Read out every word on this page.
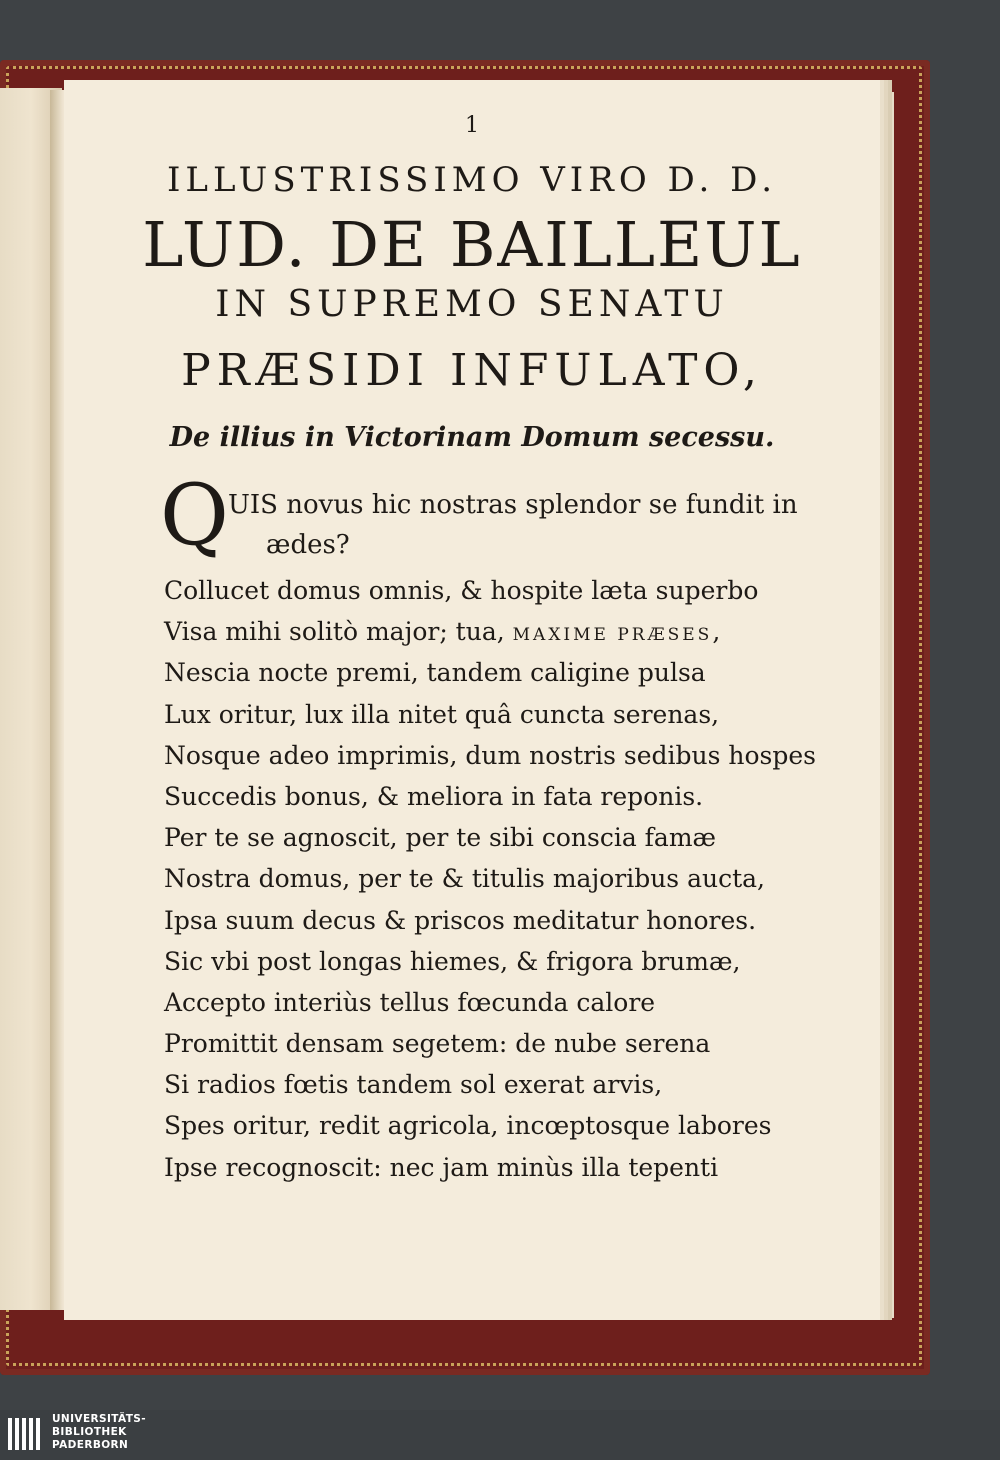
1
ILLUSTRISSIMO VIRO D. D.
LUD. DE BAILLEUL
IN SUPREMO SENATU
PRÆSIDI INFULATO,
De illius in Victorinam Domum secessu.
Q UIS novus hic nostras splendor se fundit in
ædes?
Collucet domus omnis, & hospite læta superbo
Visa mihi solitò major; tua, MAXIME PRÆSES,
Nescia nocte premi, tandem caligine pulsa
Lux oritur, lux illa nitet quâ cuncta serenas,
Nosque adeo imprimis, dum nostris sedibus hospes
Succedis bonus, & meliora in fata reponis.
Per te se agnoscit, per te sibi conscia famæ
Nostra domus, per te & titulis majoribus aucta,
Ipsa suum decus & priscos meditatur honores.
Sic vbi post longas hiemes, & frigora brumæ,
Accepto interiùs tellus fœcunda calore
Promittit densam segetem: de nube serena
Si radios fœtis tandem sol exerat arvis,
Spes oritur, redit agricola, incœptosque labores
Ipse recognoscit: nec jam minùs illa tepenti
UNIVERSITÄTS-
BIBLIOTHEK
PADERBORN
